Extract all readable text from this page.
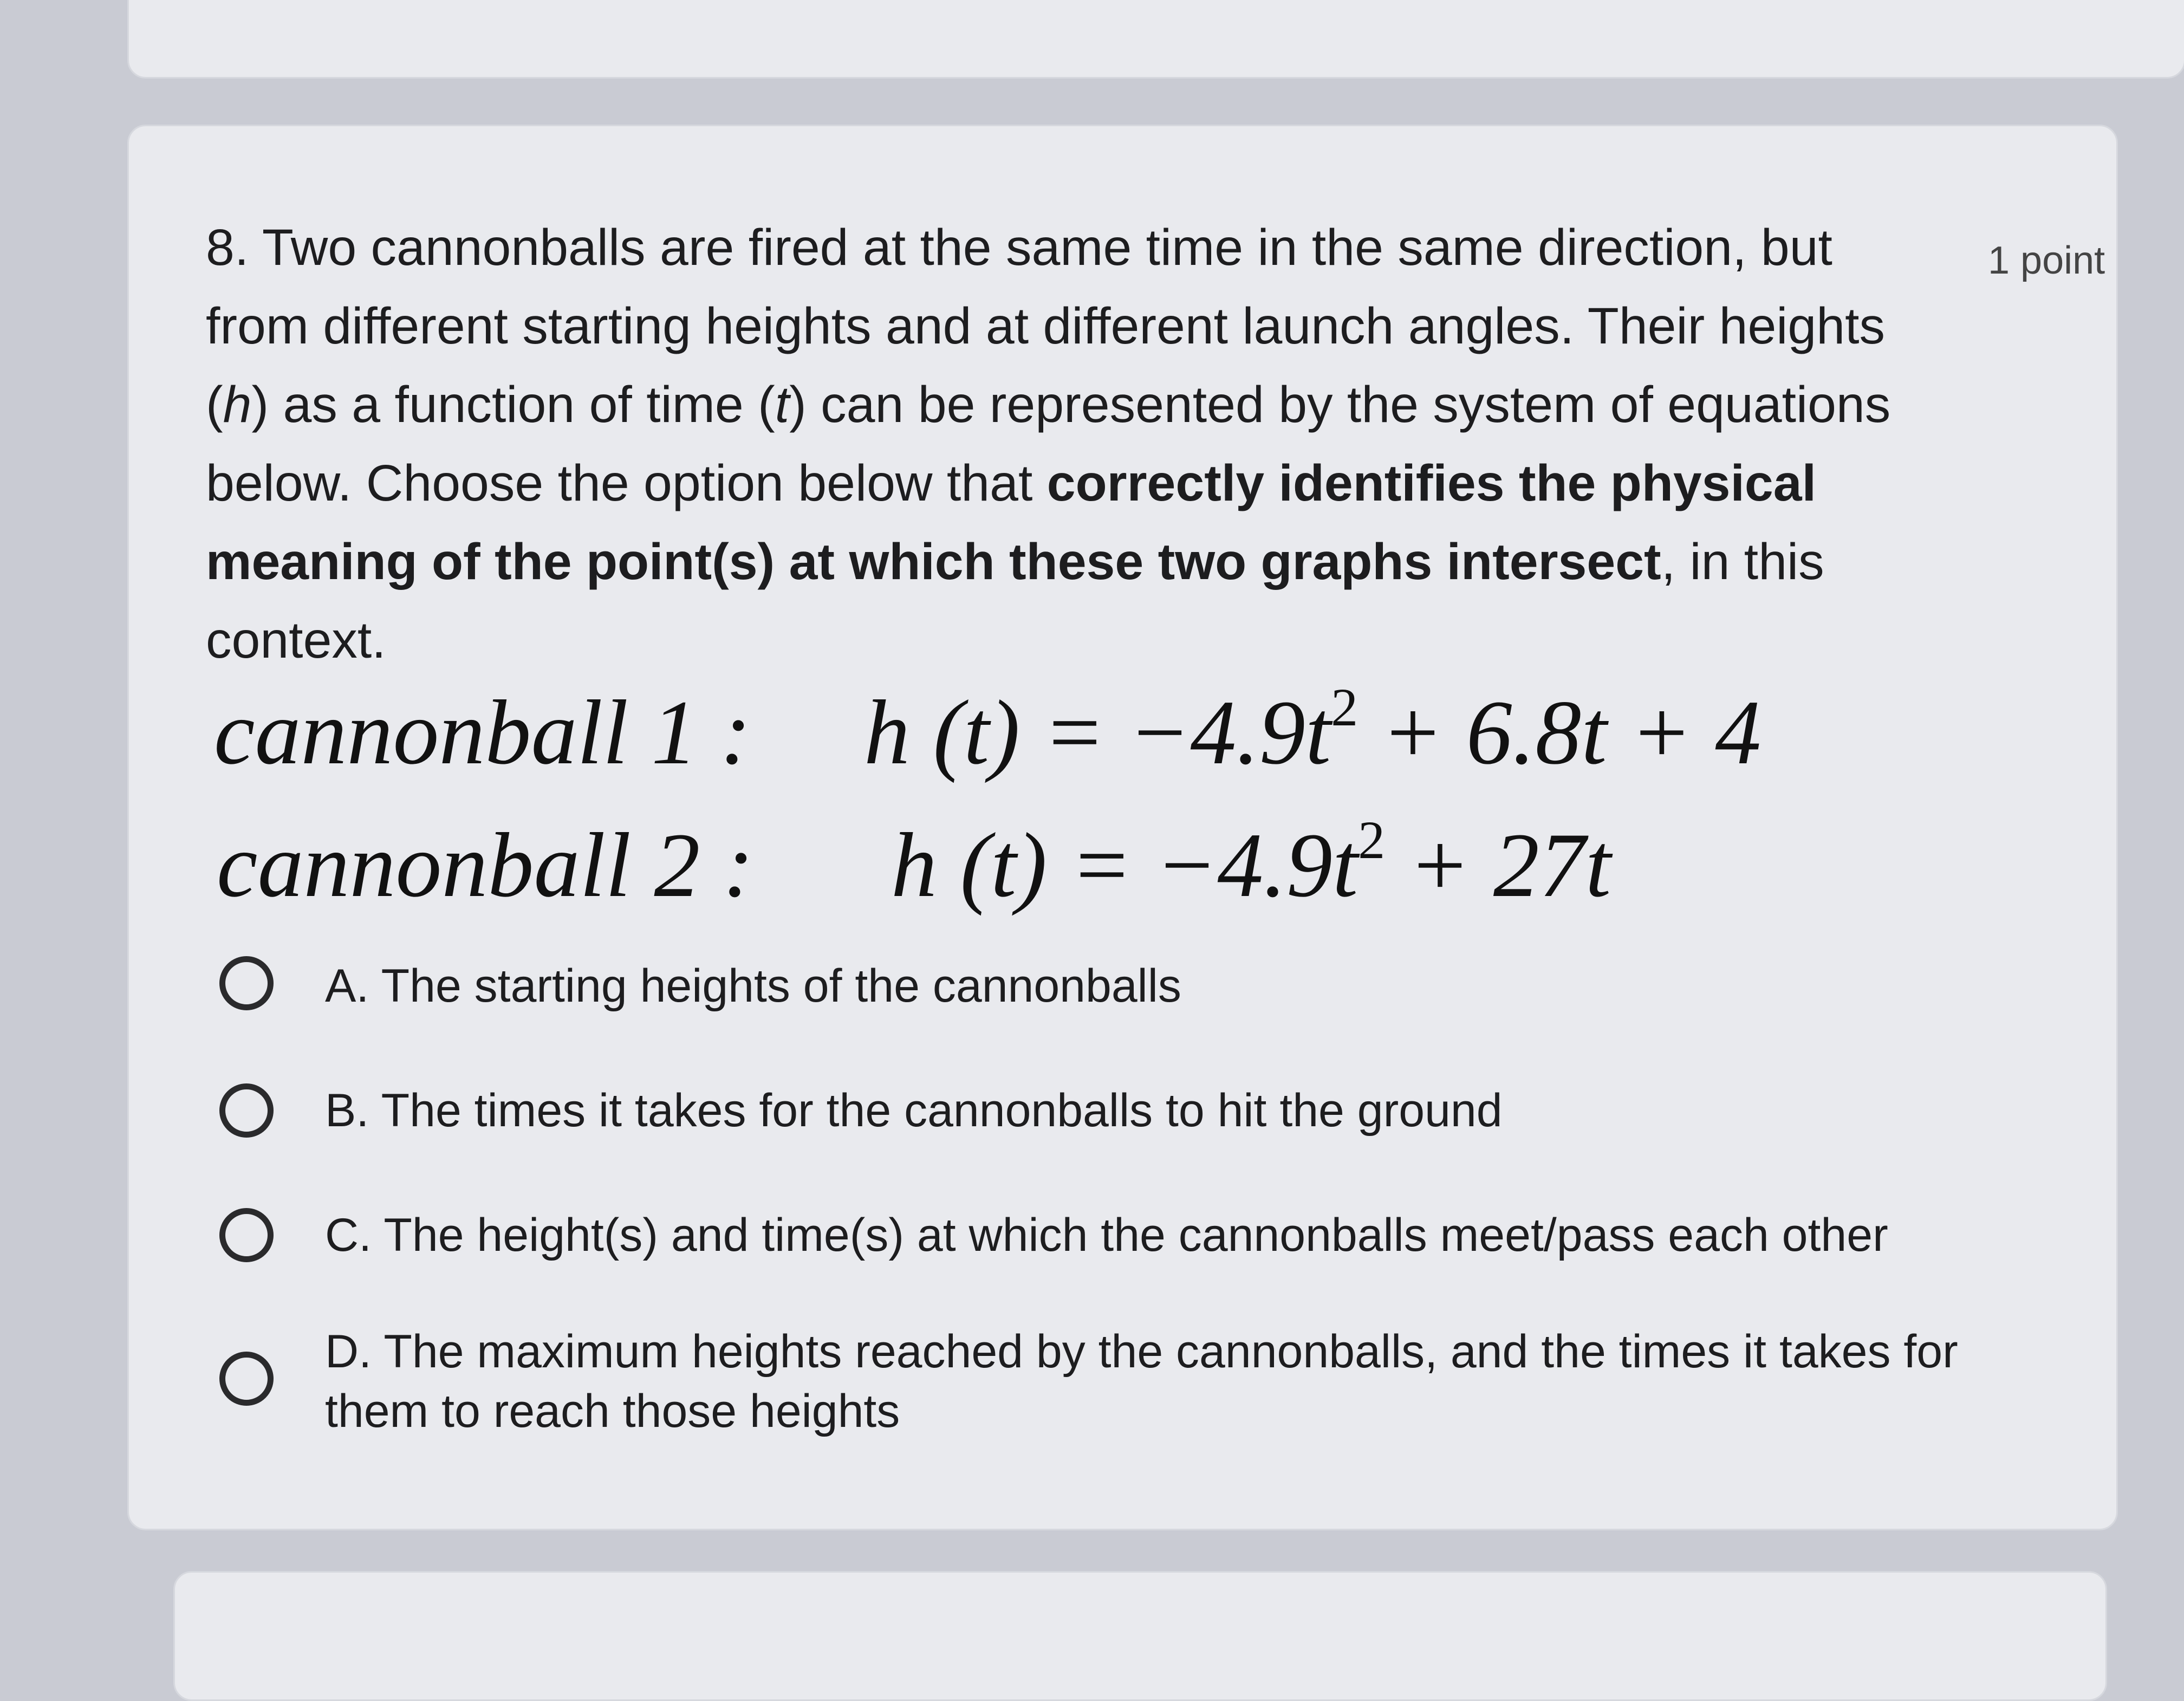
8. Two cannonballs are fired at the same time in the same direction, but from different starting heights and at different launch angles. Their heights (h) as a function of time (t) can be represented by the system of equations below. Choose the option below that correctly identifies the physical meaning of the point(s) at which these two graphs intersect, in this context.
1 point
cannonball 1 : h $(t) = -4.9t^2 + 6.8t + 4$
cannonball 2 : h $(t) = -4.9t^2 + 27t$
A. The starting heights of the cannonballs
B. The times it takes for the cannonballs to hit the ground
C. The height(s) and time(s) at which the cannonballs meet/pass each other
D. The maximum heights reached by the cannonballs, and the times it takes for them to reach those heights
